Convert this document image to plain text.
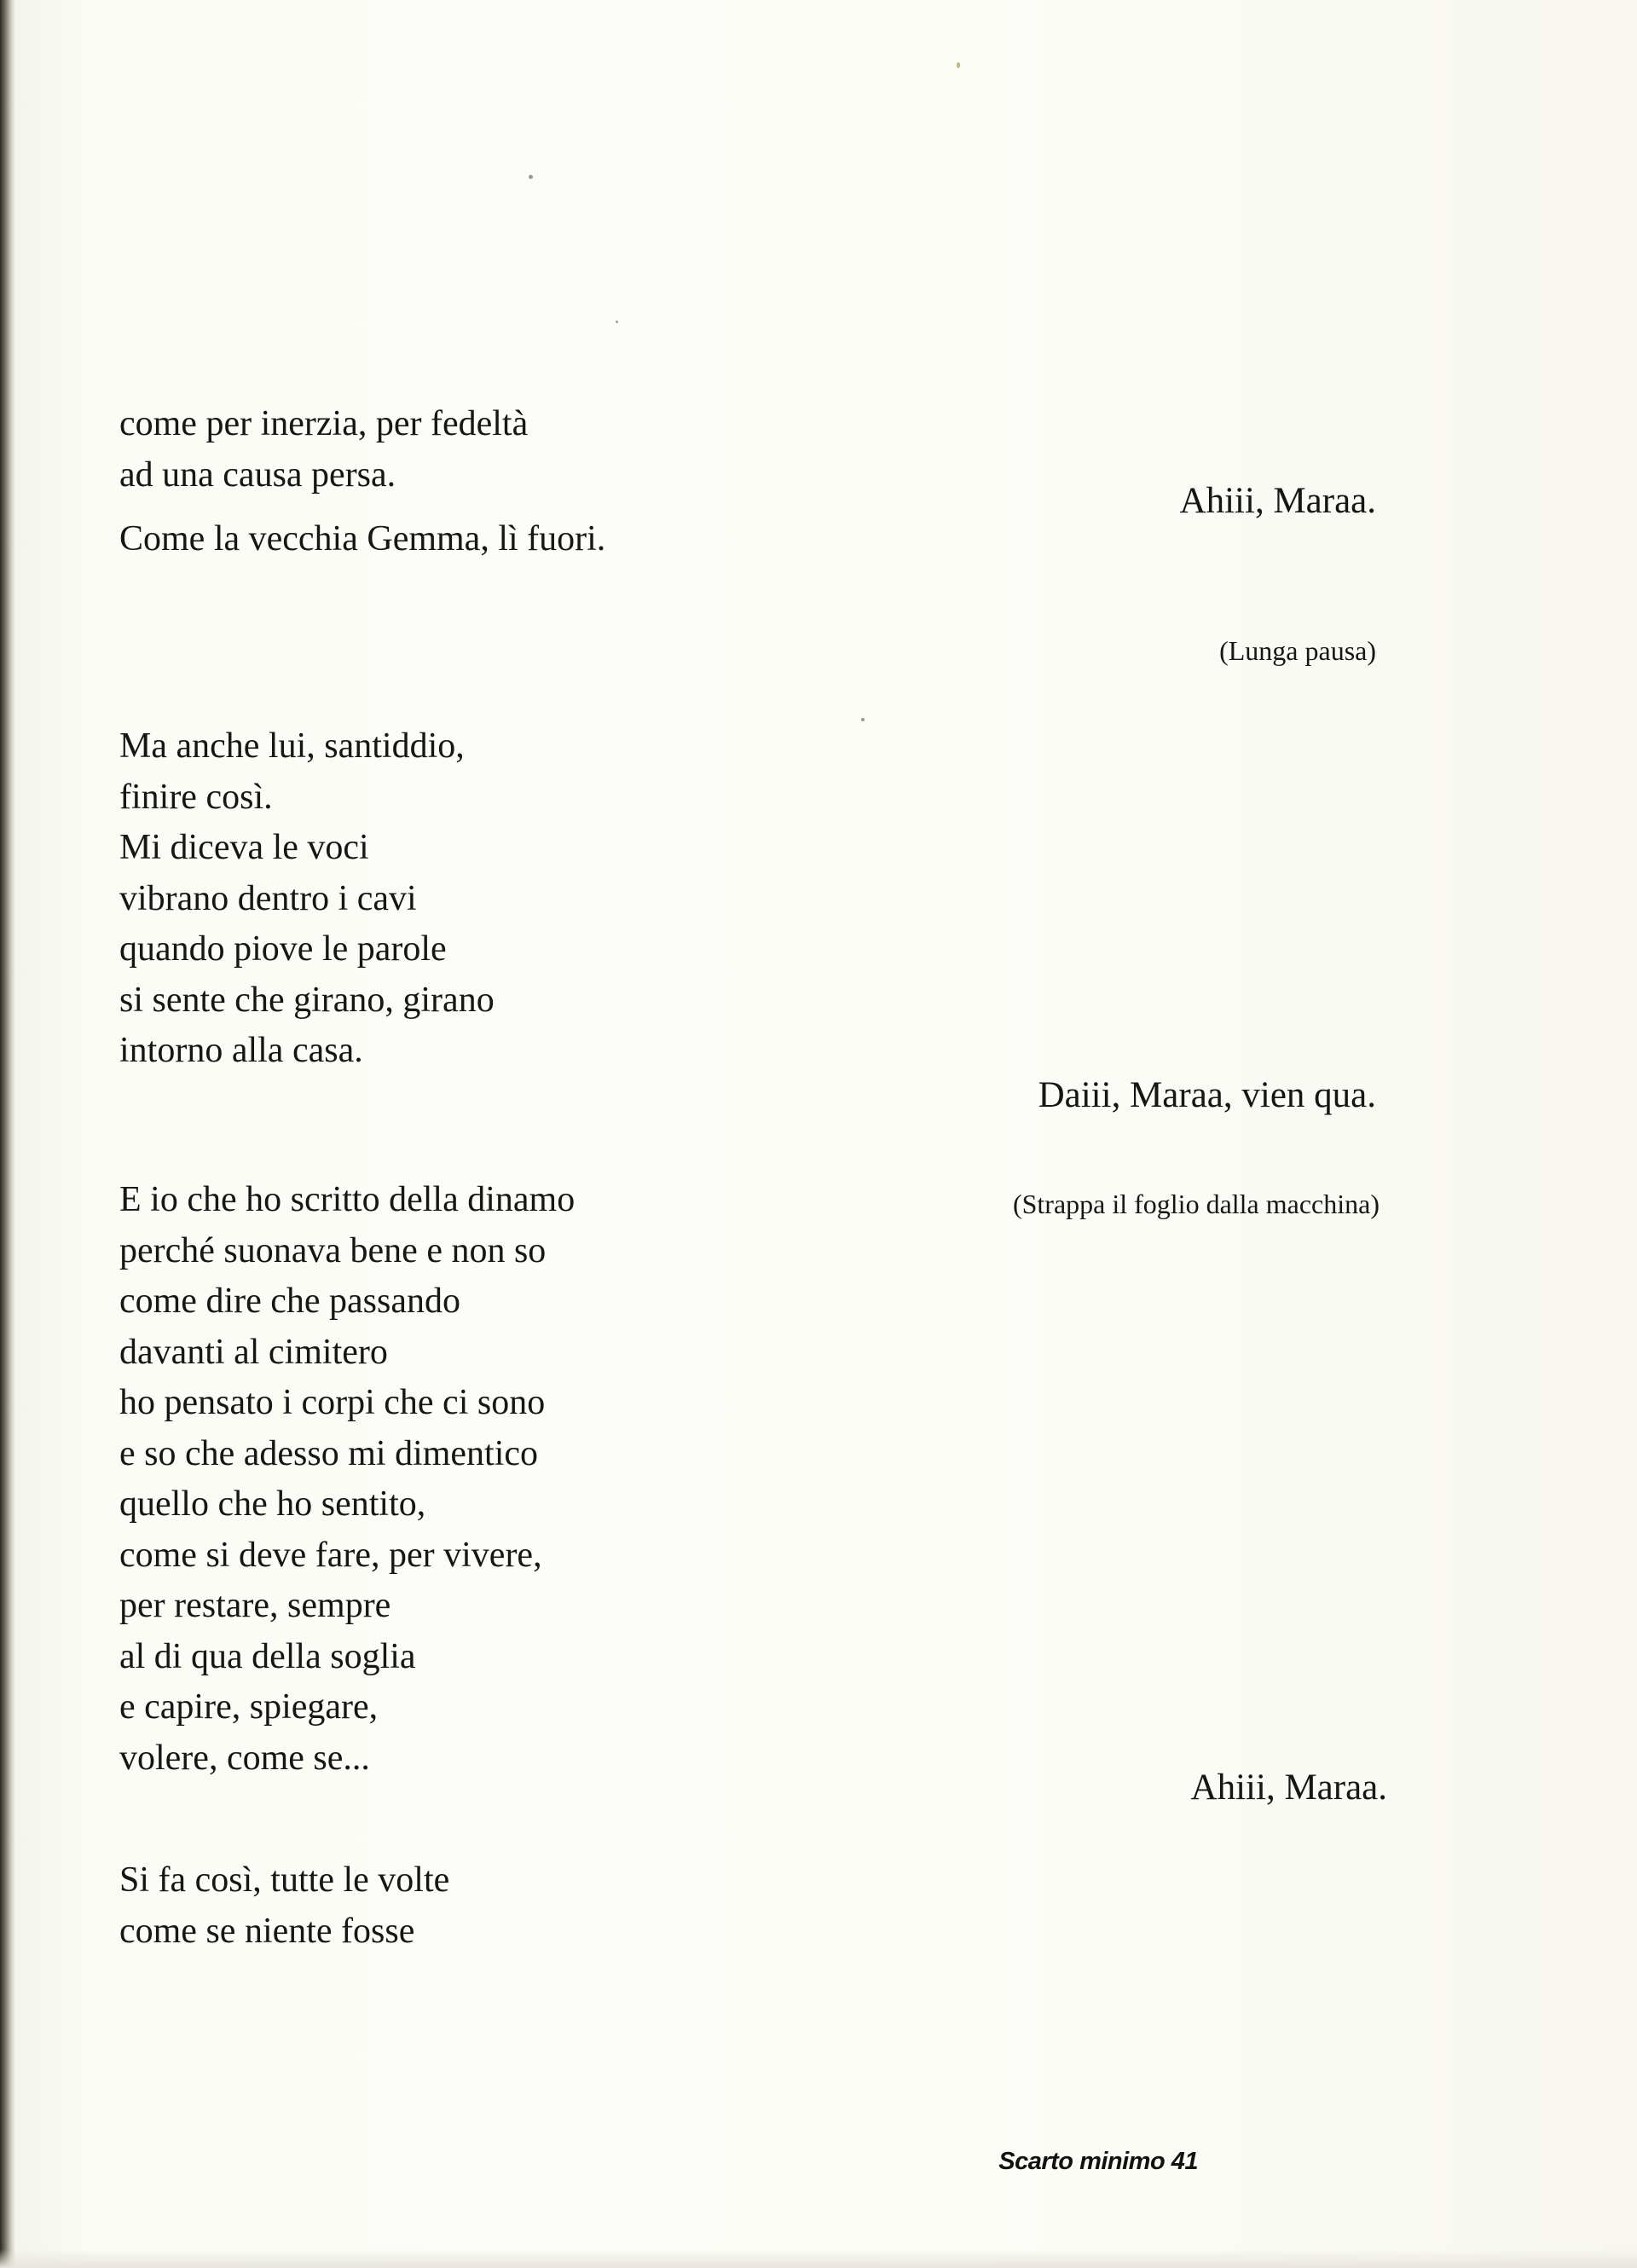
come per inerzia, per fedeltà
ad una causa persa.
Come la vecchia Gemma, lì fuori.
Ma anche lui, santiddio,
finire così.
Mi diceva le voci
vibrano dentro i cavi
quando piove le parole
si sente che girano, girano
intorno alla casa.
E io che ho scritto della dinamo
perché suonava bene e non so
come dire che passando
davanti al cimitero
ho pensato i corpi che ci sono
e so che adesso mi dimentico
quello che ho sentito,
come si deve fare, per vivere,
per restare, sempre
al di qua della soglia
e capire, spiegare,
volere, come se...
Si fa così, tutte le volte
come se niente fosse
Ahiii, Maraa.
(Lunga pausa)
Daiii, Maraa, vien qua.
(Strappa il foglio dalla macchina)
Ahiii, Maraa.
Scarto minimo 41
